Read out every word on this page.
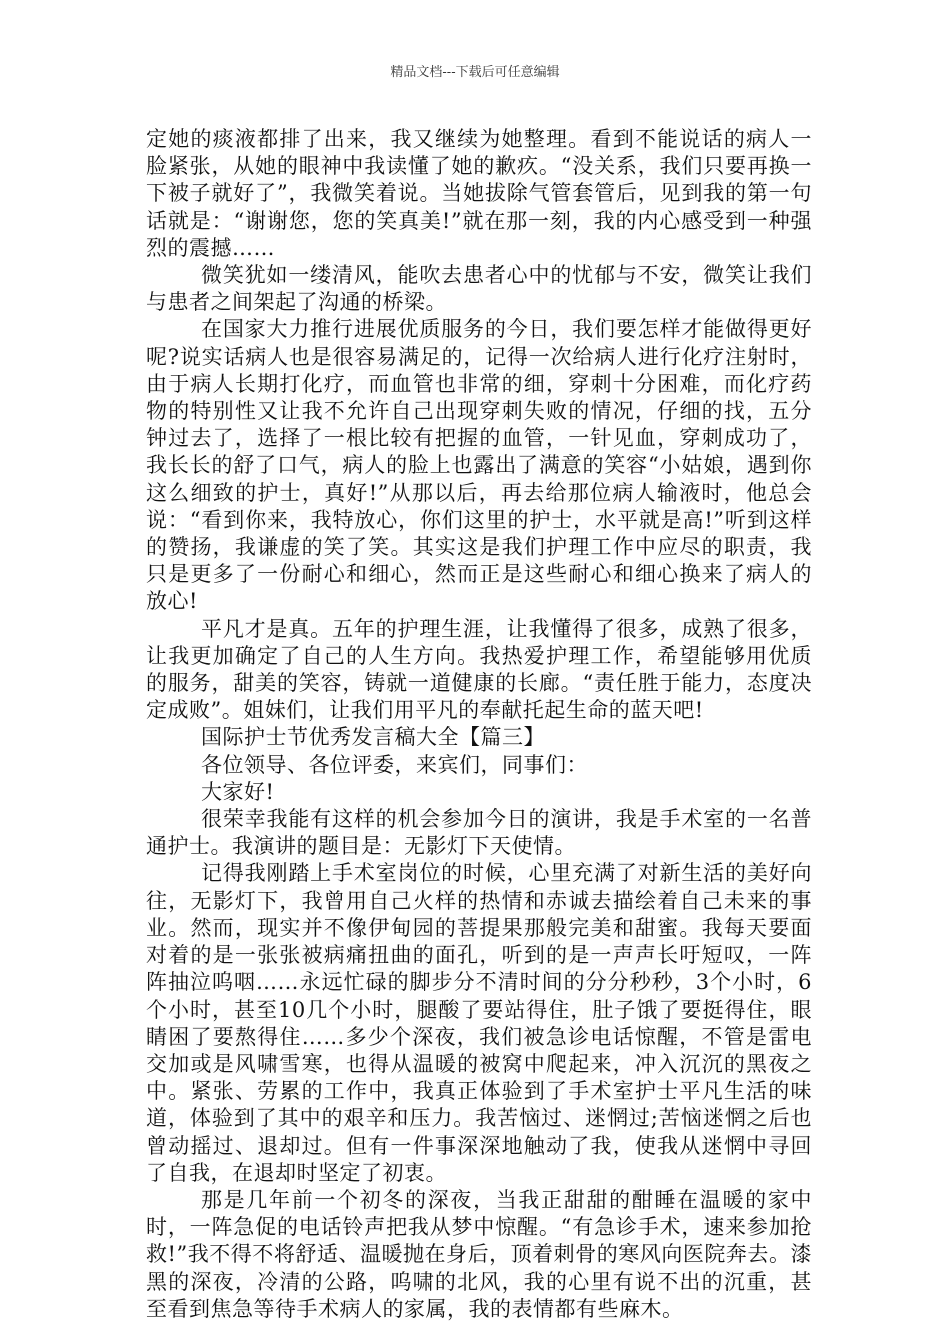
精品文档---下载后可任意编辑

定她的痰液都排了出来，我又继续为她整理。看到不能说话的病人一脸紧张，从她的眼神中我读懂了她的歉疚。“没关系，我们只要再换一下被子就好了”，我微笑着说。当她拔除气管套管后，见到我的第一句话就是：“谢谢您，您的笑真美!”就在那一刻，我的内心感受到一种强烈的震撼……

微笑犹如一缕清风，能吹去患者心中的忧郁与不安，微笑让我们与患者之间架起了沟通的桥梁。

在国家大力推行进展优质服务的今日，我们要怎样才能做得更好呢?说实话病人也是很容易满足的，记得一次给病人进行化疗注射时，由于病人长期打化疗，而血管也非常的细，穿刺十分困难，而化疗药物的特别性又让我不允许自己出现穿刺失败的情况，仔细的找，五分钟过去了，选择了一根比较有把握的血管，一针见血，穿刺成功了，我长长的舒了口气，病人的脸上也露出了满意的笑容“小姑娘，遇到你这么细致的护士，真好!”从那以后，再去给那位病人输液时，他总会说：“看到你来，我特放心，你们这里的护士，水平就是高!”听到这样的赞扬，我谦虚的笑了笑。其实这是我们护理工作中应尽的职责，我只是更多了一份耐心和细心，然而正是这些耐心和细心换来了病人的放心!

平凡才是真。五年的护理生涯，让我懂得了很多，成熟了很多，让我更加确定了自己的人生方向。我热爱护理工作，希望能够用优质的服务，甜美的笑容，铸就一道健康的长廊。“责任胜于能力，态度决定成败”。姐妹们，让我们用平凡的奉献托起生命的蓝天吧!

国际护士节优秀发言稿大全【篇三】

各位领导、各位评委，来宾们，同事们：

大家好!

很荣幸我能有这样的机会参加今日的演讲，我是手术室的一名普通护士。我演讲的题目是：无影灯下天使情。

记得我刚踏上手术室岗位的时候，心里充满了对新生活的美好向往，无影灯下，我曾用自己火样的热情和赤诚去描绘着自己未来的事业。然而，现实并不像伊甸园的菩提果那般完美和甜蜜。我每天要面对着的是一张张被病痛扭曲的面孔，听到的是一声声长吁短叹，一阵阵抽泣呜咽……永远忙碌的脚步分不清时间的分分秒秒，3个小时，6个小时，甚至10几个小时，腿酸了要站得住，肚子饿了要挺得住，眼睛困了要熬得住……多少个深夜，我们被急诊电话惊醒，不管是雷电交加或是风啸雪寒，也得从温暖的被窝中爬起来，冲入沉沉的黑夜之中。紧张、劳累的工作中，我真正体验到了手术室护士平凡生活的味道，体验到了其中的艰辛和压力。我苦恼过、迷惘过;苦恼迷惘之后也曾动摇过、退却过。但有一件事深深地触动了我，使我从迷惘中寻回了自我，在退却时坚定了初衷。

那是几年前一个初冬的深夜，当我正甜甜的酣睡在温暖的家中时，一阵急促的电话铃声把我从梦中惊醒。“有急诊手术，速来参加抢救!”我不得不将舒适、温暖抛在身后，顶着刺骨的寒风向医院奔去。漆黑的深夜，冷清的公路，呜啸的北风，我的心里有说不出的沉重，甚至看到焦急等待手术病人的家属，我的表情都有些麻木。
